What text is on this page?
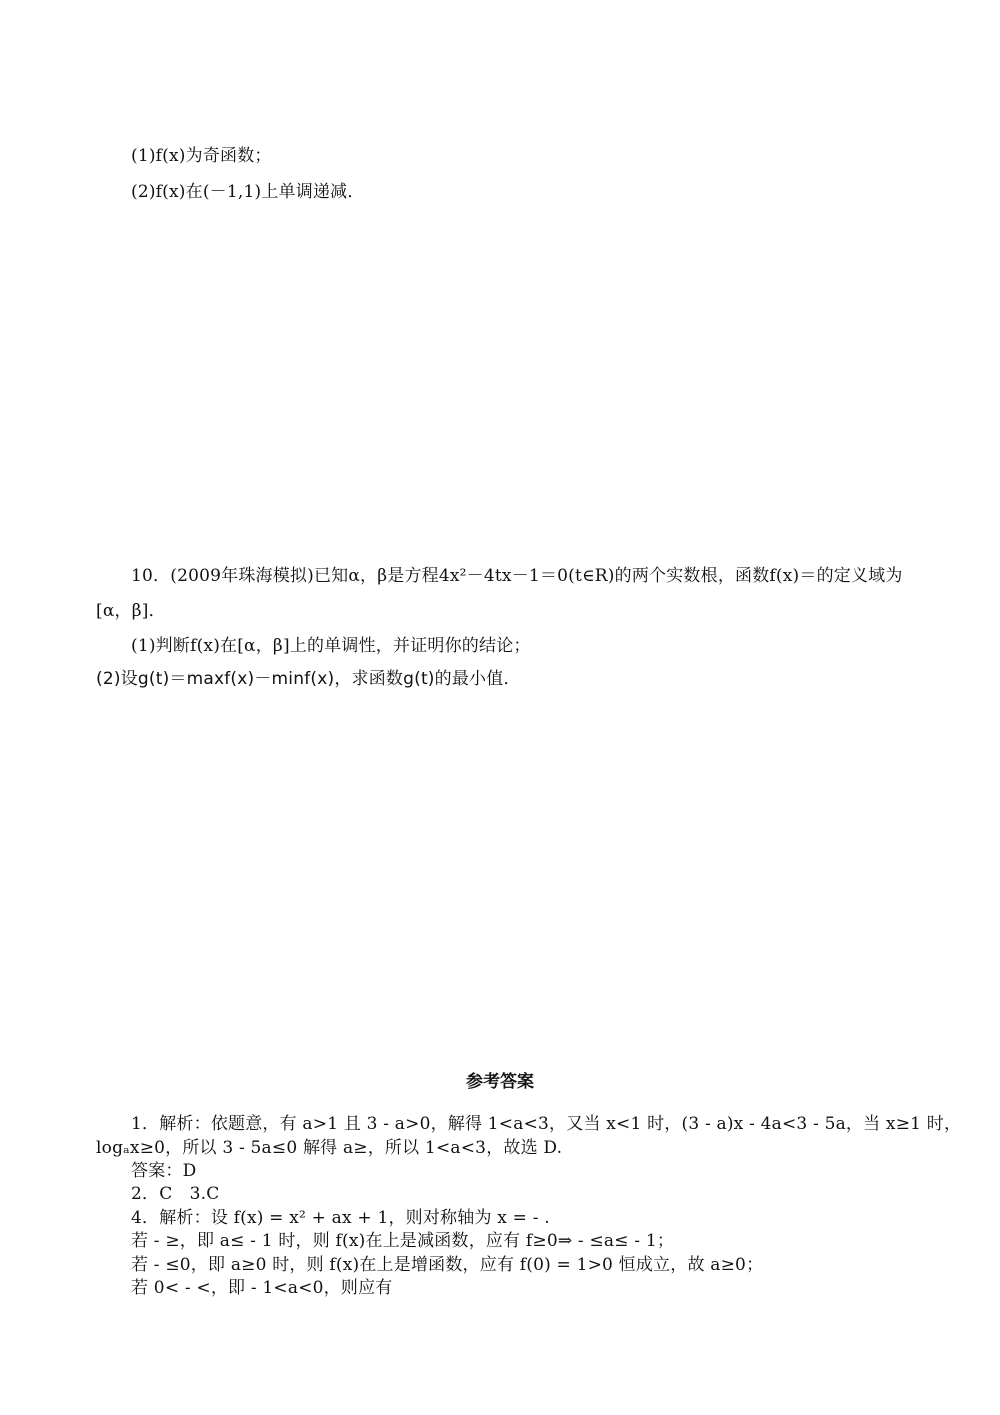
(1)f(x)为奇函数；
(2)f(x)在(－1,1)上单调递减．
10．(2009年珠海模拟)已知α，β是方程4x²－4tx－1＝0(t∈R)的两个实数根，函数f(x)＝的定义域为
[α，β]．
(1)判断f(x)在[α，β]上的单调性，并证明你的结论；
(2)设g(t)＝maxf(x)－minf(x)，求函数g(t)的最小值．
参考答案
1．解析：依题意，有 a>1 且 3 - a>0，解得 1<a<3，又当 x<1 时，(3 - a)x - 4a<3 - 5a，当 x≥1 时，
logₐx≥0，所以 3 - 5a≤0 解得 a≥，所以 1<a<3，故选 D.
答案：D
2．C　3.C
4．解析：设 f(x) = x² + ax + 1，则对称轴为 x = - .
若 - ≥，即 a≤ - 1 时，则 f(x)在上是减函数，应有 f≥0⇒ - ≤a≤ - 1；
若 - ≤0，即 a≥0 时，则 f(x)在上是增函数，应有 f(0) = 1>0 恒成立，故 a≥0；
若 0< - <，即 - 1<a<0，则应有
